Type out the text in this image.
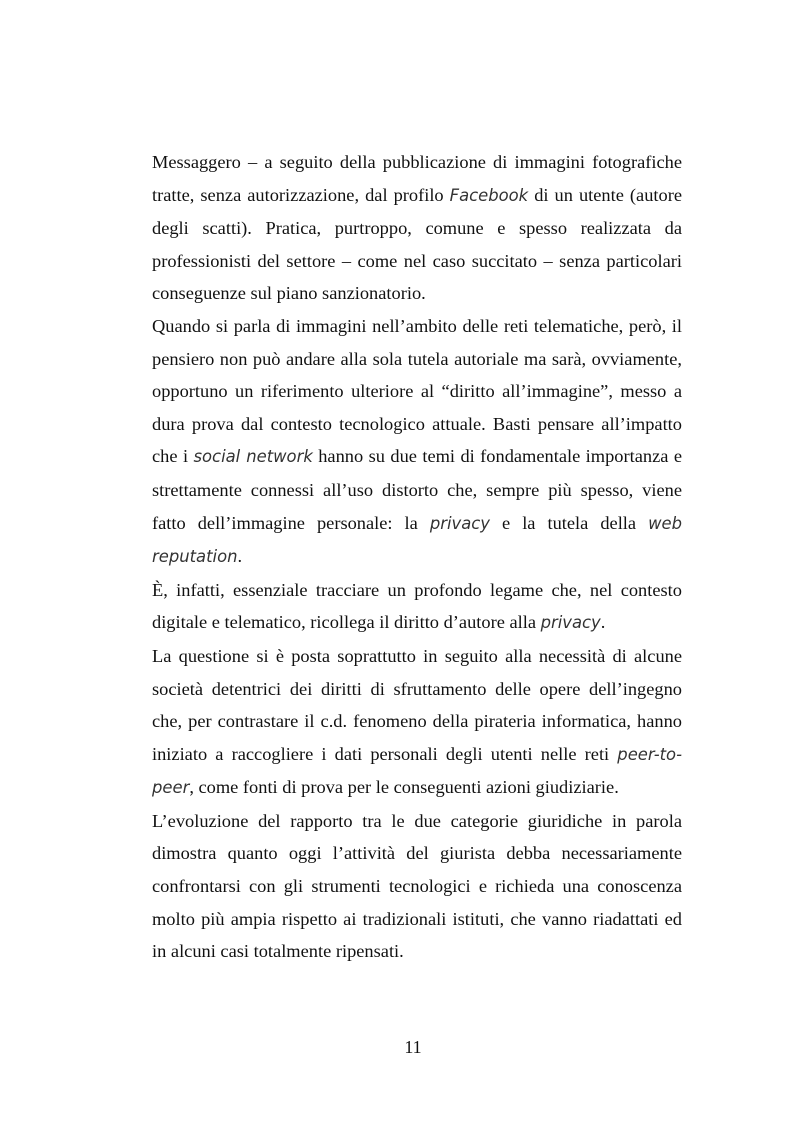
Messaggero – a seguito della pubblicazione di immagini fotografiche tratte, senza autorizzazione, dal profilo Facebook di un utente (autore degli scatti). Pratica, purtroppo, comune e spesso realizzata da professionisti del settore – come nel caso succitato – senza particolari conseguenze sul piano sanzionatorio.

Quando si parla di immagini nell’ambito delle reti telematiche, però, il pensiero non può andare alla sola tutela autoriale ma sarà, ovviamente, opportuno un riferimento ulteriore al “diritto all’immagine”, messo a dura prova dal contesto tecnologico attuale. Basti pensare all’impatto che i social network hanno su due temi di fondamentale importanza e strettamente connessi all’uso distorto che, sempre più spesso, viene fatto dell’immagine personale: la privacy e la tutela della web reputation.

È, infatti, essenziale tracciare un profondo legame che, nel contesto digitale e telematico, ricollega il diritto d’autore alla privacy.

La questione si è posta soprattutto in seguito alla necessità di alcune società detentrici dei diritti di sfruttamento delle opere dell’ingegno che, per contrastare il c.d. fenomeno della pirateria informatica, hanno iniziato a raccogliere i dati personali degli utenti nelle reti peer-to-peer, come fonti di prova per le conseguenti azioni giudiziarie.

L’evoluzione del rapporto tra le due categorie giuridiche in parola dimostra quanto oggi l’attività del giurista debba necessariamente confrontarsi con gli strumenti tecnologici e richieda una conoscenza molto più ampia rispetto ai tradizionali istituti, che vanno riadattati ed in alcuni casi totalmente ripensati.

11
